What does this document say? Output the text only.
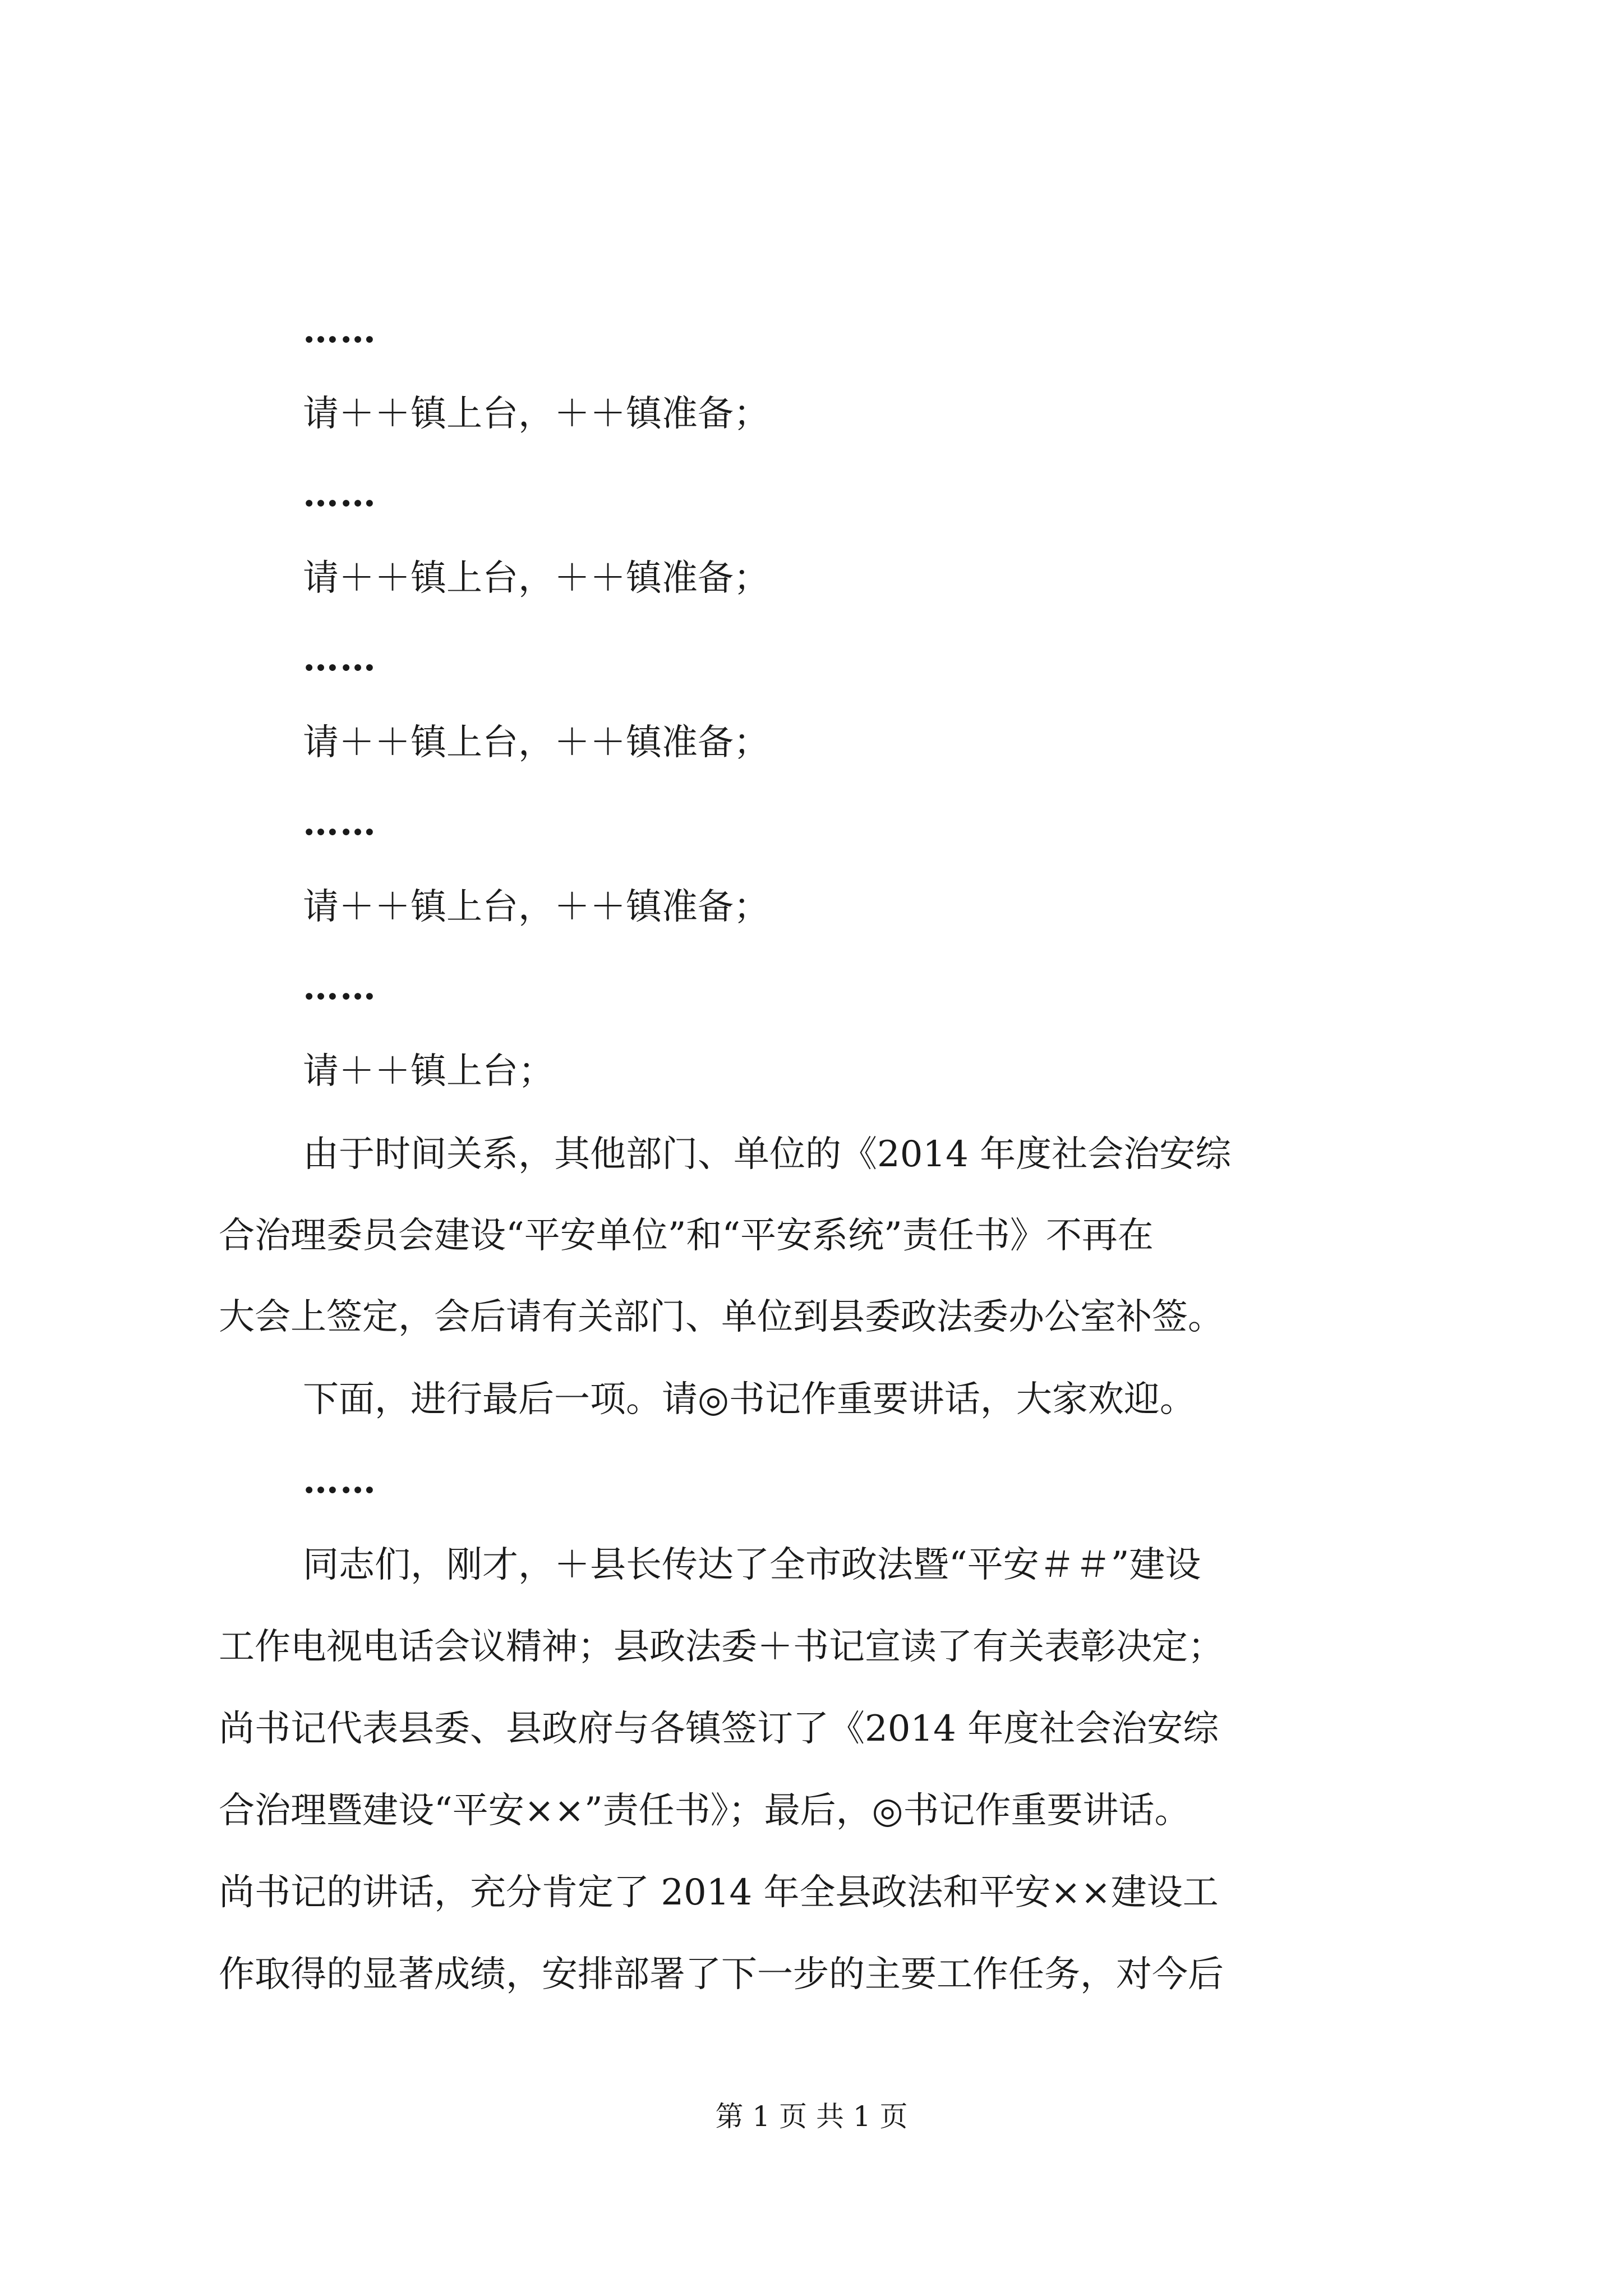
……
请＋＋镇上台，＋＋镇准备；
……
请＋＋镇上台，＋＋镇准备；
……
请＋＋镇上台，＋＋镇准备；
……
请＋＋镇上台，＋＋镇准备；
……
请＋＋镇上台；
由于时间关系，其他部门、单位的《2014 年度社会治安综
合治理委员会建设“平安单位”和“平安系统”责任书》不再在
大会上签定，会后请有关部门、单位到县委政法委办公室补签。
下面，进行最后一项。请◎书记作重要讲话，大家欢迎。
……
同志们，刚才，＋县长传达了全市政法暨“平安＃＃”建设
工作电视电话会议精神；县政法委＋书记宣读了有关表彰决定；
尚书记代表县委、县政府与各镇签订了《2014 年度社会治安综
合治理暨建设“平安××”责任书》；最后，◎书记作重要讲话。
尚书记的讲话，充分肯定了 2014 年全县政法和平安××建设工
作取得的显著成绩，安排部署了下一步的主要工作任务，对今后
第 1 页 共 1 页
